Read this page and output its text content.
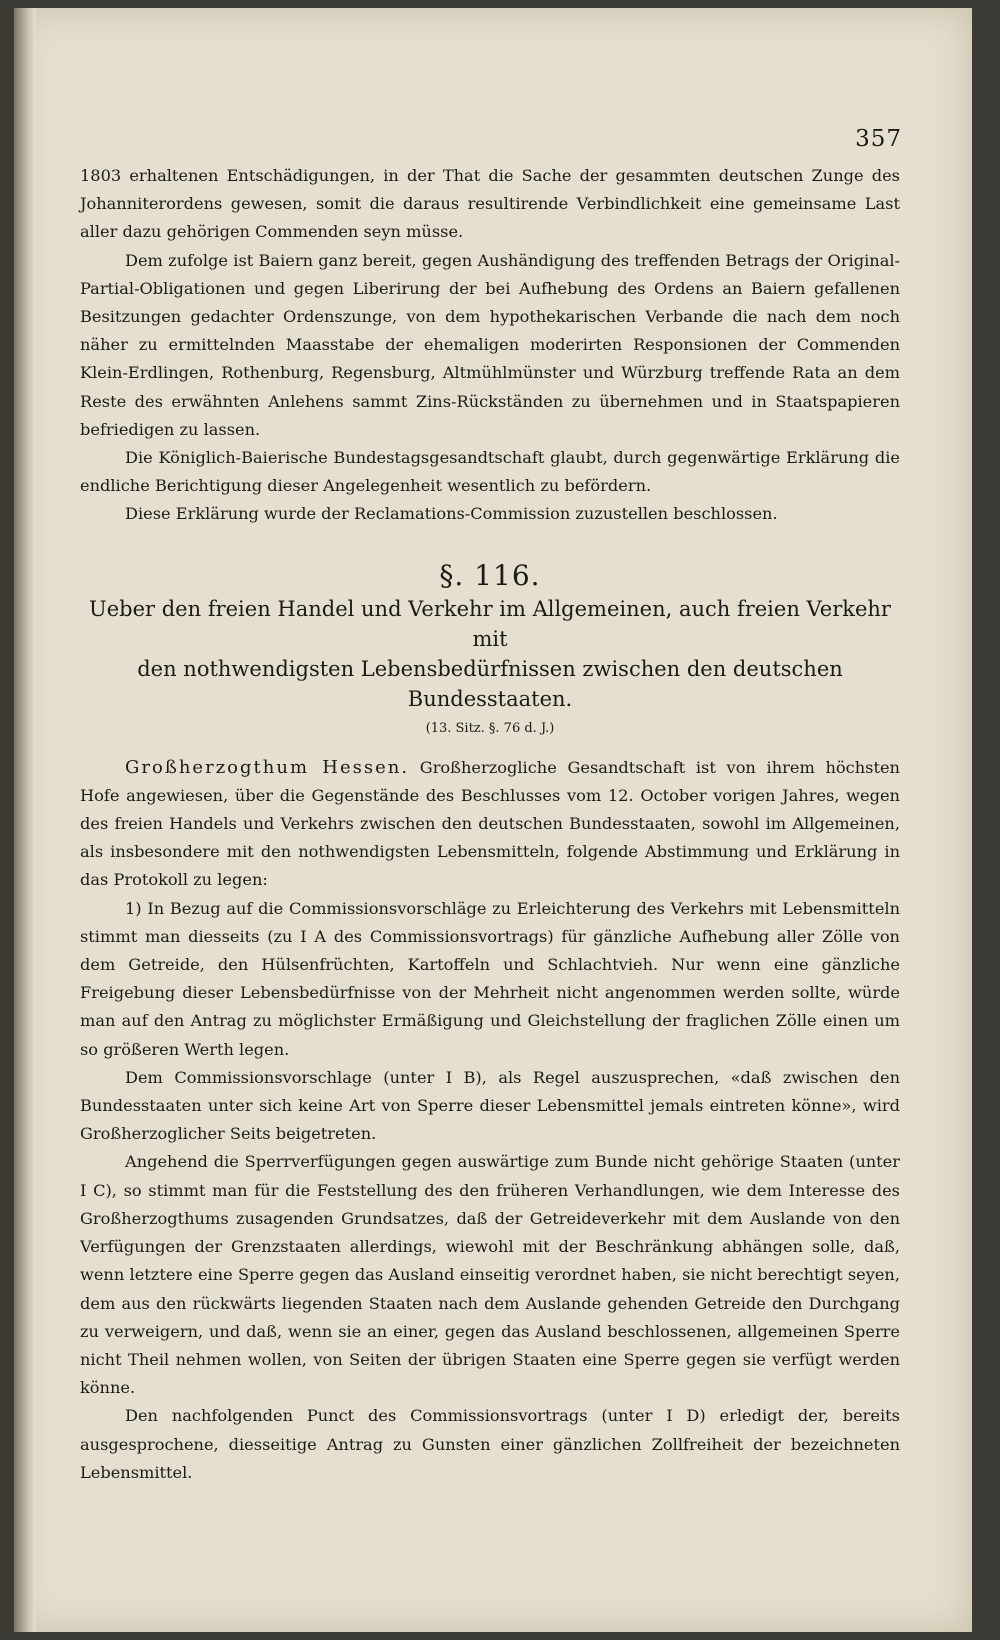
357

1803 erhaltenen Entschädigungen, in der That die Sache der gesammten deutschen Zunge des Johanniterordens gewesen, somit die daraus resultirende Verbindlichkeit eine gemeinsame Last aller dazu gehörigen Commenden seyn müsse.

Dem zufolge ist Baiern ganz bereit, gegen Aushändigung des treffenden Betrags der Original-Partial-Obligationen und gegen Liberirung der bei Aufhebung des Ordens an Baiern gefallenen Besitzungen gedachter Ordenszunge, von dem hypothekarischen Verbande die nach dem noch näher zu ermittelnden Maasstabe der ehemaligen moderirten Responsionen der Commenden Klein-Erdlingen, Rothenburg, Regensburg, Altmühlmünster und Würzburg treffende Rata an dem Reste des erwähnten Anlehens sammt Zins-Rückständen zu übernehmen und in Staatspapieren befriedigen zu lassen.

Die Königlich-Baierische Bundestagsgesandtschaft glaubt, durch gegenwärtige Erklärung die endliche Berichtigung dieser Angelegenheit wesentlich zu befördern.

Diese Erklärung wurde der Reclamations-Commission zuzustellen beschlossen.

§. 116.
Ueber den freien Handel und Verkehr im Allgemeinen, auch freien Verkehr mit
den nothwendigsten Lebensbedürfnissen zwischen den deutschen Bundesstaaten.
(13. Sitz. §. 76 d. J.)

Großherzogthum Hessen. Großherzogliche Gesandtschaft ist von ihrem höchsten Hofe angewiesen, über die Gegenstände des Beschlusses vom 12. October vorigen Jahres, wegen des freien Handels und Verkehrs zwischen den deutschen Bundesstaaten, sowohl im Allgemeinen, als insbesondere mit den nothwendigsten Lebensmitteln, folgende Abstimmung und Erklärung in das Protokoll zu legen:

1) In Bezug auf die Commissionsvorschläge zu Erleichterung des Verkehrs mit Lebensmitteln stimmt man diesseits (zu I A des Commissionsvortrags) für gänzliche Aufhebung aller Zölle von dem Getreide, den Hülsenfrüchten, Kartoffeln und Schlachtvieh. Nur wenn eine gänzliche Freigebung dieser Lebensbedürfnisse von der Mehrheit nicht angenommen werden sollte, würde man auf den Antrag zu möglichster Ermäßigung und Gleichstellung der fraglichen Zölle einen um so größeren Werth legen.

Dem Commissionsvorschlage (unter I B), als Regel auszusprechen, «daß zwischen den Bundesstaaten unter sich keine Art von Sperre dieser Lebensmittel jemals eintreten könne», wird Großherzoglicher Seits beigetreten.

Angehend die Sperrverfügungen gegen auswärtige zum Bunde nicht gehörige Staaten (unter I C), so stimmt man für die Feststellung des den früheren Verhandlungen, wie dem Interesse des Großherzogthums zusagenden Grundsatzes, daß der Getreideverkehr mit dem Auslande von den Verfügungen der Grenzstaaten allerdings, wiewohl mit der Beschränkung abhängen solle, daß, wenn letztere eine Sperre gegen das Ausland einseitig verordnet haben, sie nicht berechtigt seyen, dem aus den rückwärts liegenden Staaten nach dem Auslande gehenden Getreide den Durchgang zu verweigern, und daß, wenn sie an einer, gegen das Ausland beschlossenen, allgemeinen Sperre nicht Theil nehmen wollen, von Seiten der übrigen Staaten eine Sperre gegen sie verfügt werden könne.

Den nachfolgenden Punct des Commissionsvortrags (unter I D) erledigt der, bereits ausgesprochene, diesseitige Antrag zu Gunsten einer gänzlichen Zollfreiheit der bezeichneten Lebensmittel.
